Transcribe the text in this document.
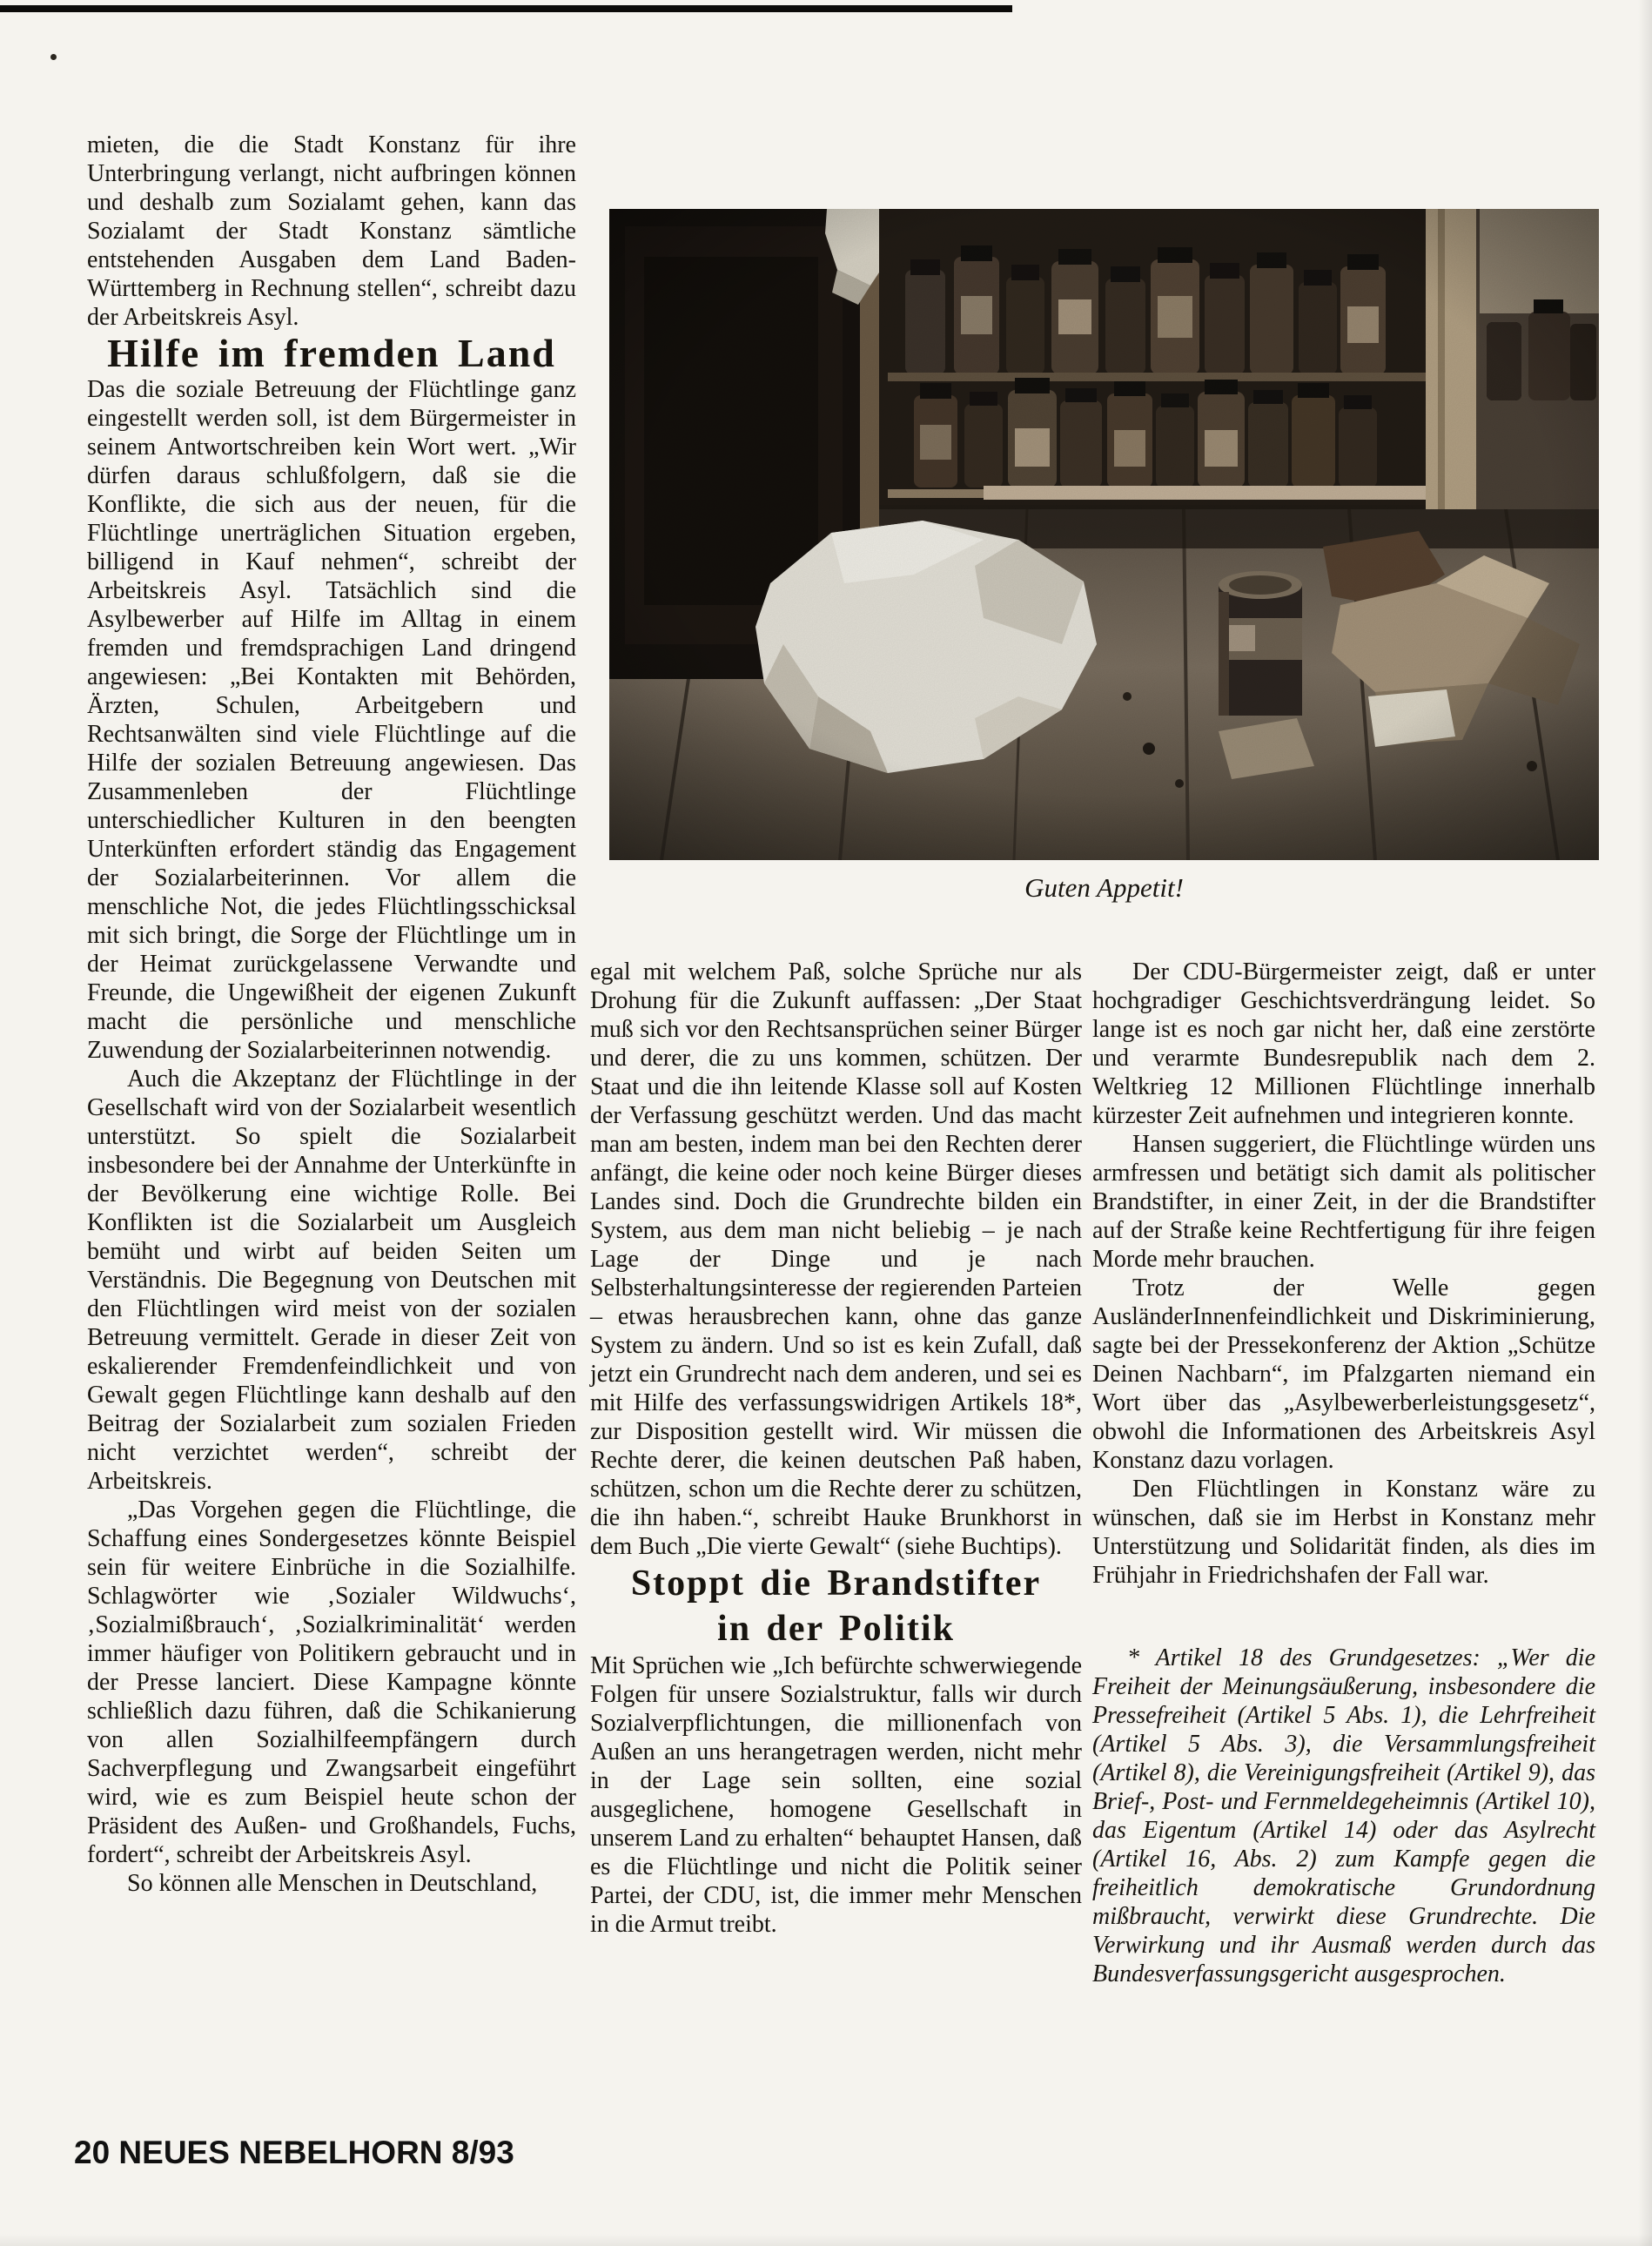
mieten, die die Stadt Konstanz für ihre Unterbringung verlangt, nicht aufbringen können und deshalb zum Sozialamt gehen, kann das Sozialamt der Stadt Konstanz sämtliche entstehenden Ausgaben dem Land Baden-Württemberg in Rechnung stellen“, schreibt dazu der Arbeitskreis Asyl.

Hilfe im fremden Land

Das die soziale Betreuung der Flüchtlinge ganz eingestellt werden soll, ist dem Bürgermeister in seinem Antwortschreiben kein Wort wert. „Wir dürfen daraus schlußfolgern, daß sie die Konflikte, die sich aus der neuen, für die Flüchtlinge unerträglichen Situation ergeben, billigend in Kauf nehmen“, schreibt der Arbeitskreis Asyl. Tatsächlich sind die Asylbewerber auf Hilfe im Alltag in einem fremden und fremdsprachigen Land dringend angewiesen: „Bei Kontakten mit Behörden, Ärzten, Schulen, Arbeitgebern und Rechtsanwälten sind viele Flüchtlinge auf die Hilfe der sozialen Betreuung angewiesen. Das Zusammenleben der Flüchtlinge unterschiedlicher Kulturen in den beengten Unterkünften erfordert ständig das Engagement der Sozialarbeiterinnen. Vor allem die menschliche Not, die jedes Flüchtlingsschicksal mit sich bringt, die Sorge der Flüchtlinge um in der Heimat zurückgelassene Verwandte und Freunde, die Ungewißheit der eigenen Zukunft macht die persönliche und menschliche Zuwendung der Sozialarbeiterinnen notwendig.

Auch die Akzeptanz der Flüchtlinge in der Gesellschaft wird von der Sozialarbeit wesentlich unterstützt. So spielt die Sozialarbeit insbesondere bei der Annahme der Unterkünfte in der Bevölkerung eine wichtige Rolle. Bei Konflikten ist die Sozialarbeit um Ausgleich bemüht und wirbt auf beiden Seiten um Verständnis. Die Begegnung von Deutschen mit den Flüchtlingen wird meist von der sozialen Betreuung vermittelt. Gerade in dieser Zeit von eskalierender Fremdenfeindlichkeit und von Gewalt gegen Flüchtlinge kann deshalb auf den Beitrag der Sozialarbeit zum sozialen Frieden nicht verzichtet werden“, schreibt der Arbeitskreis.

„Das Vorgehen gegen die Flüchtlinge, die Schaffung eines Sondergesetzes könnte Beispiel sein für weitere Einbrüche in die Sozialhilfe. Schlagwörter wie ‚Sozialer Wildwuchs‘, ‚Sozialmißbrauch‘, ‚Sozialkriminalität‘ werden immer häufiger von Politikern gebraucht und in der Presse lanciert. Diese Kampagne könnte schließlich dazu führen, daß die Schikanierung von allen Sozialhilfeempfängern durch Sachverpflegung und Zwangsarbeit eingeführt wird, wie es zum Beispiel heute schon der Präsident des Außen- und Großhandels, Fuchs, fordert“, schreibt der Arbeitskreis Asyl.

So können alle Menschen in Deutschland,

Guten Appetit!

egal mit welchem Paß, solche Sprüche nur als Drohung für die Zukunft auffassen: „Der Staat muß sich vor den Rechtsansprüchen seiner Bürger und derer, die zu uns kommen, schützen. Der Staat und die ihn leitende Klasse soll auf Kosten der Verfassung geschützt werden. Und das macht man am besten, indem man bei den Rechten derer anfängt, die keine oder noch keine Bürger dieses Landes sind. Doch die Grundrechte bilden ein System, aus dem man nicht beliebig – je nach Lage der Dinge und je nach Selbsterhaltungsinteresse der regierenden Parteien – etwas herausbrechen kann, ohne das ganze System zu ändern. Und so ist es kein Zufall, daß jetzt ein Grundrecht nach dem anderen, und sei es mit Hilfe des verfassungswidrigen Artikels 18*, zur Disposition gestellt wird. Wir müssen die Rechte derer, die keinen deutschen Paß haben, schützen, schon um die Rechte derer zu schützen, die ihn haben.“, schreibt Hauke Brunkhorst in dem Buch „Die vierte Gewalt“ (siehe Buchtips).

Stoppt die Brandstifter
in der Politik

Mit Sprüchen wie „Ich befürchte schwerwiegende Folgen für unsere Sozialstruktur, falls wir durch Sozialverpflichtungen, die millionenfach von Außen an uns herangetragen werden, nicht mehr in der Lage sein sollten, eine sozial ausgeglichene, homogene Gesellschaft in unserem Land zu erhalten“ behauptet Hansen, daß es die Flüchtlinge und nicht die Politik seiner Partei, der CDU, ist, die immer mehr Menschen in die Armut treibt.

Der CDU-Bürgermeister zeigt, daß er unter hochgradiger Geschichtsverdrängung leidet. So lange ist es noch gar nicht her, daß eine zerstörte und verarmte Bundesrepublik nach dem 2. Weltkrieg 12 Millionen Flüchtlinge innerhalb kürzester Zeit aufnehmen und integrieren konnte.

Hansen suggeriert, die Flüchtlinge würden uns armfressen und betätigt sich damit als politischer Brandstifter, in einer Zeit, in der die Brandstifter auf der Straße keine Rechtfertigung für ihre feigen Morde mehr brauchen.

Trotz der Welle gegen AusländerInnenfeindlichkeit und Diskriminierung, sagte bei der Pressekonferenz der Aktion „Schütze Deinen Nachbarn“, im Pfalzgarten niemand ein Wort über das „Asylbewerberleistungsgesetz“, obwohl die Informationen des Arbeitskreis Asyl Konstanz dazu vorlagen.

Den Flüchtlingen in Konstanz wäre zu wünschen, daß sie im Herbst in Konstanz mehr Unterstützung und Solidarität finden, als dies im Frühjahr in Friedrichshafen der Fall war.

* Artikel 18 des Grundgesetzes: „Wer die Freiheit der Meinungsäußerung, insbesondere die Pressefreiheit (Artikel 5 Abs. 1), die Lehrfreiheit (Artikel 5 Abs. 3), die Versammlungsfreiheit (Artikel 8), die Vereinigungsfreiheit (Artikel 9), das Brief-, Post- und Fernmeldegeheimnis (Artikel 10), das Eigentum (Artikel 14) oder das Asylrecht (Artikel 16, Abs. 2) zum Kampfe gegen die freiheitlich demokratische Grundordnung mißbraucht, verwirkt diese Grundrechte. Die Verwirkung und ihr Ausmaß werden durch das Bundesverfassungsgericht ausgesprochen.

20 NEUES NEBELHORN 8/93
